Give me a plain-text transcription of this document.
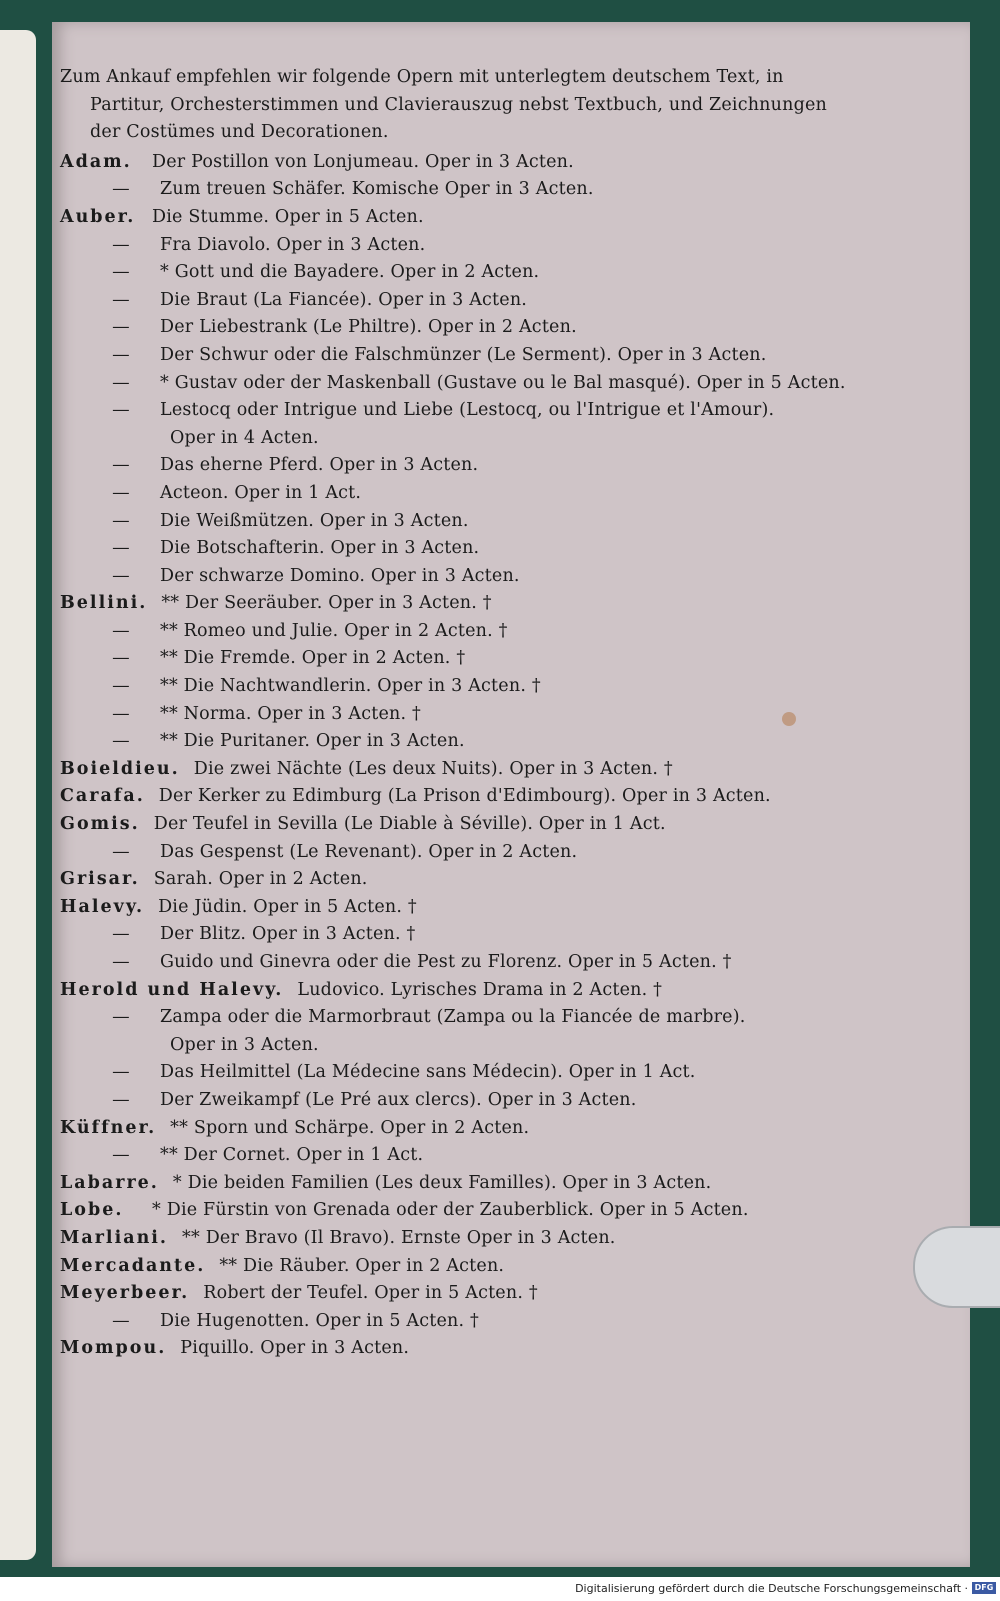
Zum Ankauf empfehlen wir folgende Opern mit unterlegtem deutschem Text, in
Partitur, Orchesterstimmen und Clavierauszug nebst Textbuch, und Zeichnungen
der Costümes und Decorationen.
Adam.	Der Postillon von Lonjumeau. Oper in 3 Acten.
—	Zum treuen Schäfer. Komische Oper in 3 Acten.
Auber. Die Stumme. Oper in 5 Acten.
—	Fra Diavolo. Oper in 3 Acten.
—	* Gott und die Bayadere. Oper in 2 Acten.
—	Die Braut (La Fiancée). Oper in 3 Acten.
—	Der Liebestrank (Le Philtre). Oper in 2 Acten.
—	Der Schwur oder die Falschmünzer (Le Serment). Oper in 3 Acten.
—	* Gustav oder der Maskenball (Gustave ou le Bal masqué). Oper in 5 Acten.
—	Lestocq oder Intrigue und Liebe (Lestocq, ou l'Intrigue et l'Amour).
Oper in 4 Acten.
—	Das eherne Pferd. Oper in 3 Acten.
—	Acteon. Oper in 1 Act.
—	Die Weißmützen. Oper in 3 Acten.
—	Die Botschafterin. Oper in 3 Acten.
—	Der schwarze Domino. Oper in 3 Acten.
Bellini. ** Der Seeräuber. Oper in 3 Acten. †
—	** Romeo und Julie. Oper in 2 Acten. †
—	** Die Fremde. Oper in 2 Acten. †
—	** Die Nachtwandlerin. Oper in 3 Acten. †
—	** Norma. Oper in 3 Acten. †
—	** Die Puritaner. Oper in 3 Acten.
Boieldieu. Die zwei Nächte (Les deux Nuits). Oper in 3 Acten. †
Carafa. Der Kerker zu Edimburg (La Prison d'Edimbourg). Oper in 3 Acten.
Gomis. Der Teufel in Sevilla (Le Diable à Séville). Oper in 1 Act.
—	Das Gespenst (Le Revenant). Oper in 2 Acten.
Grisar. Sarah. Oper in 2 Acten.
Halevy. Die Jüdin. Oper in 5 Acten. †
—	Der Blitz. Oper in 3 Acten. †
—	Guido und Ginevra oder die Pest zu Florenz. Oper in 5 Acten. †
Herold und Halevy. Ludovico. Lyrisches Drama in 2 Acten. †
—	Zampa oder die Marmorbraut (Zampa ou la Fiancée de marbre).
Oper in 3 Acten.
—	Das Heilmittel (La Médecine sans Médecin). Oper in 1 Act.
—	Der Zweikampf (Le Pré aux clercs). Oper in 3 Acten.
Küffner. ** Sporn und Schärpe. Oper in 2 Acten.
—	** Der Cornet. Oper in 1 Act.
Labarre. * Die beiden Familien (Les deux Familles). Oper in 3 Acten.
Lobe.	* Die Fürstin von Grenada oder der Zauberblick. Oper in 5 Acten.
Marliani. ** Der Bravo (Il Bravo). Ernste Oper in 3 Acten.
Mercadante. ** Die Räuber. Oper in 2 Acten.
Meyerbeer. Robert der Teufel. Oper in 5 Acten. †
—	Die Hugenotten. Oper in 5 Acten. †
Mompou. Piquillo. Oper in 3 Acten.
Digitalisierung gefördert durch die Deutsche Forschungsgemeinschaft · DFG
